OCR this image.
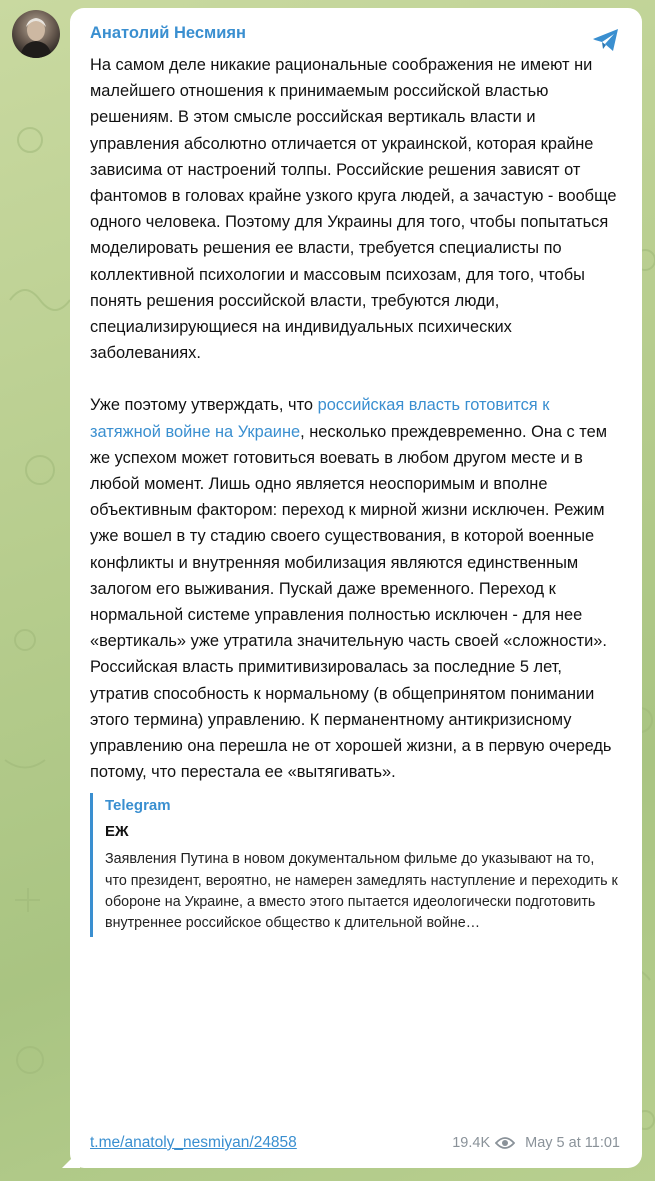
Анатолий Несмиян

На самом деле никакие рациональные соображения не имеют ни малейшего отношения к принимаемым российской властью решениям. В этом смысле российская вертикаль власти и управления абсолютно отличается от украинской, которая крайне зависима от настроений толпы. Российские решения зависят от фантомов в головах крайне узкого круга людей, а зачастую - вообще одного человека. Поэтому для Украины для того, чтобы попытаться моделировать решения ее власти, требуется специалисты по коллективной психологии и массовым психозам, для того, чтобы понять решения российской власти, требуются люди, специализирующиеся на индивидуальных психических заболеваниях.

Уже поэтому утверждать, что российская власть готовится к затяжной войне на Украине, несколько преждевременно. Она с тем же успехом может готовиться воевать в любом другом месте и в любой момент. Лишь одно является неоспоримым и вполне объективным фактором: переход к мирной жизни исключен. Режим уже вошел в ту стадию своего существования, в которой военные конфликты и внутренняя мобилизация являются единственным залогом его выживания. Пускай даже временного. Переход к нормальной системе управления полностью исключен - для нее «вертикаль» уже утратила значительную часть своей «сложности». Российская власть примитивизировалась за последние 5 лет, утратив способность к нормальному (в общепринятом понимании этого термина) управлению. К перманентному антикризисному управлению она перешла не от хорошей жизни, а в первую очередь потому, что перестала ее «вытягивать».

Telegram
ЕЖ
Заявления Путина в новом документальном фильме до указывают на то, что президент, вероятно, не намерен замедлять наступление и переходить к обороне на Украине, а вместо этого пытается идеологически подготовить внутреннее российское общество к длительной войне…
t.me/anatoly_nesmiyan/24858	19.4K May 5 at 11:01
